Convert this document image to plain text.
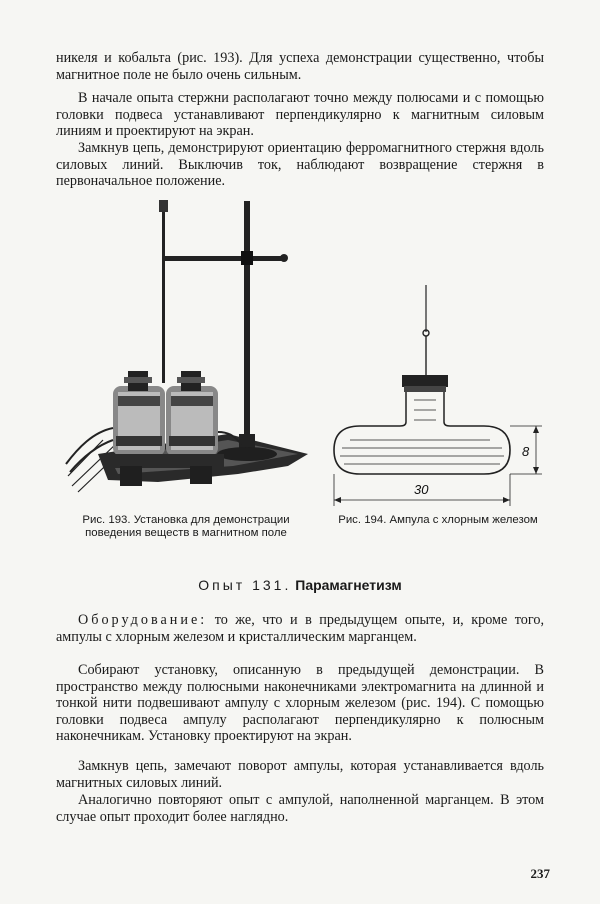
никеля и кобальта (рис. 193). Для успеха демонстрации существенно, чтобы магнитное поле не было очень сильным.

В начале опыта стержни располагают точно между полюсами и с помощью головки подвеса устанавливают перпендикулярно к магнитным силовым линиям и проектируют на экран.

Замкнув цепь, демонстрируют ориентацию ферромагнитного стержня вдоль силовых линий. Выключив ток, наблюдают возвращение стержня в первоначальное положение.

8
30
Рис. 193. Установка для демонстрации поведения веществ в магнитном поле
Рис. 194. Ампула с хлорным железом
Опыт 131. Парамагнетизм

Оборудование: то же, что и в предыдущем опыте, и, кроме того, ампулы с хлорным железом и кристаллическим марганцем.

Собирают установку, описанную в предыдущей демонстрации. В пространство между полюсными наконечниками электромагнита на длинной и тонкой нити подвешивают ампулу с хлорным железом (рис. 194). С помощью головки подвеса ампулу располагают перпендикулярно к полюсным наконечникам. Установку проектируют на экран.

Замкнув цепь, замечают поворот ампулы, которая устанавливается вдоль магнитных силовых линий.

Аналогично повторяют опыт с ампулой, наполненной марганцем. В этом случае опыт проходит более наглядно.

237
